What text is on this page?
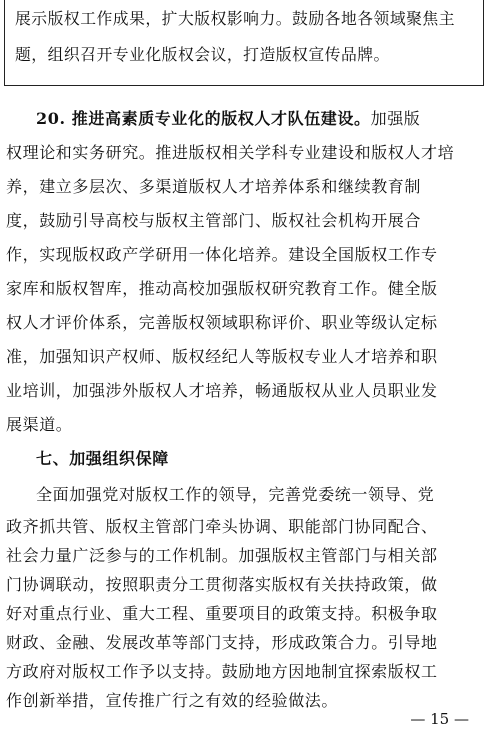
展示版权工作成果，扩大版权影响力。鼓励各地各领域聚焦主
题，组织召开专业化版权会议，打造版权宣传品牌。
20. 推进高素质专业化的版权人才队伍建设。加强版
权理论和实务研究。推进版权相关学科专业建设和版权人才培
养，建立多层次、多渠道版权人才培养体系和继续教育制
度，鼓励引导高校与版权主管部门、版权社会机构开展合
作，实现版权政产学研用一体化培养。建设全国版权工作专
家库和版权智库，推动高校加强版权研究教育工作。健全版
权人才评价体系，完善版权领域职称评价、职业等级认定标
准，加强知识产权师、版权经纪人等版权专业人才培养和职
业培训，加强涉外版权人才培养，畅通版权从业人员职业发
展渠道。
七、加强组织保障
全面加强党对版权工作的领导，完善党委统一领导、党
政齐抓共管、版权主管部门牵头协调、职能部门协同配合、
社会力量广泛参与的工作机制。加强版权主管部门与相关部
门协调联动，按照职责分工贯彻落实版权有关扶持政策，做
好对重点行业、重大工程、重要项目的政策支持。积极争取
财政、金融、发展改革等部门支持，形成政策合力。引导地
方政府对版权工作予以支持。鼓励地方因地制宜探索版权工
— 15 —
作创新举措，宣传推广行之有效的经验做法。
